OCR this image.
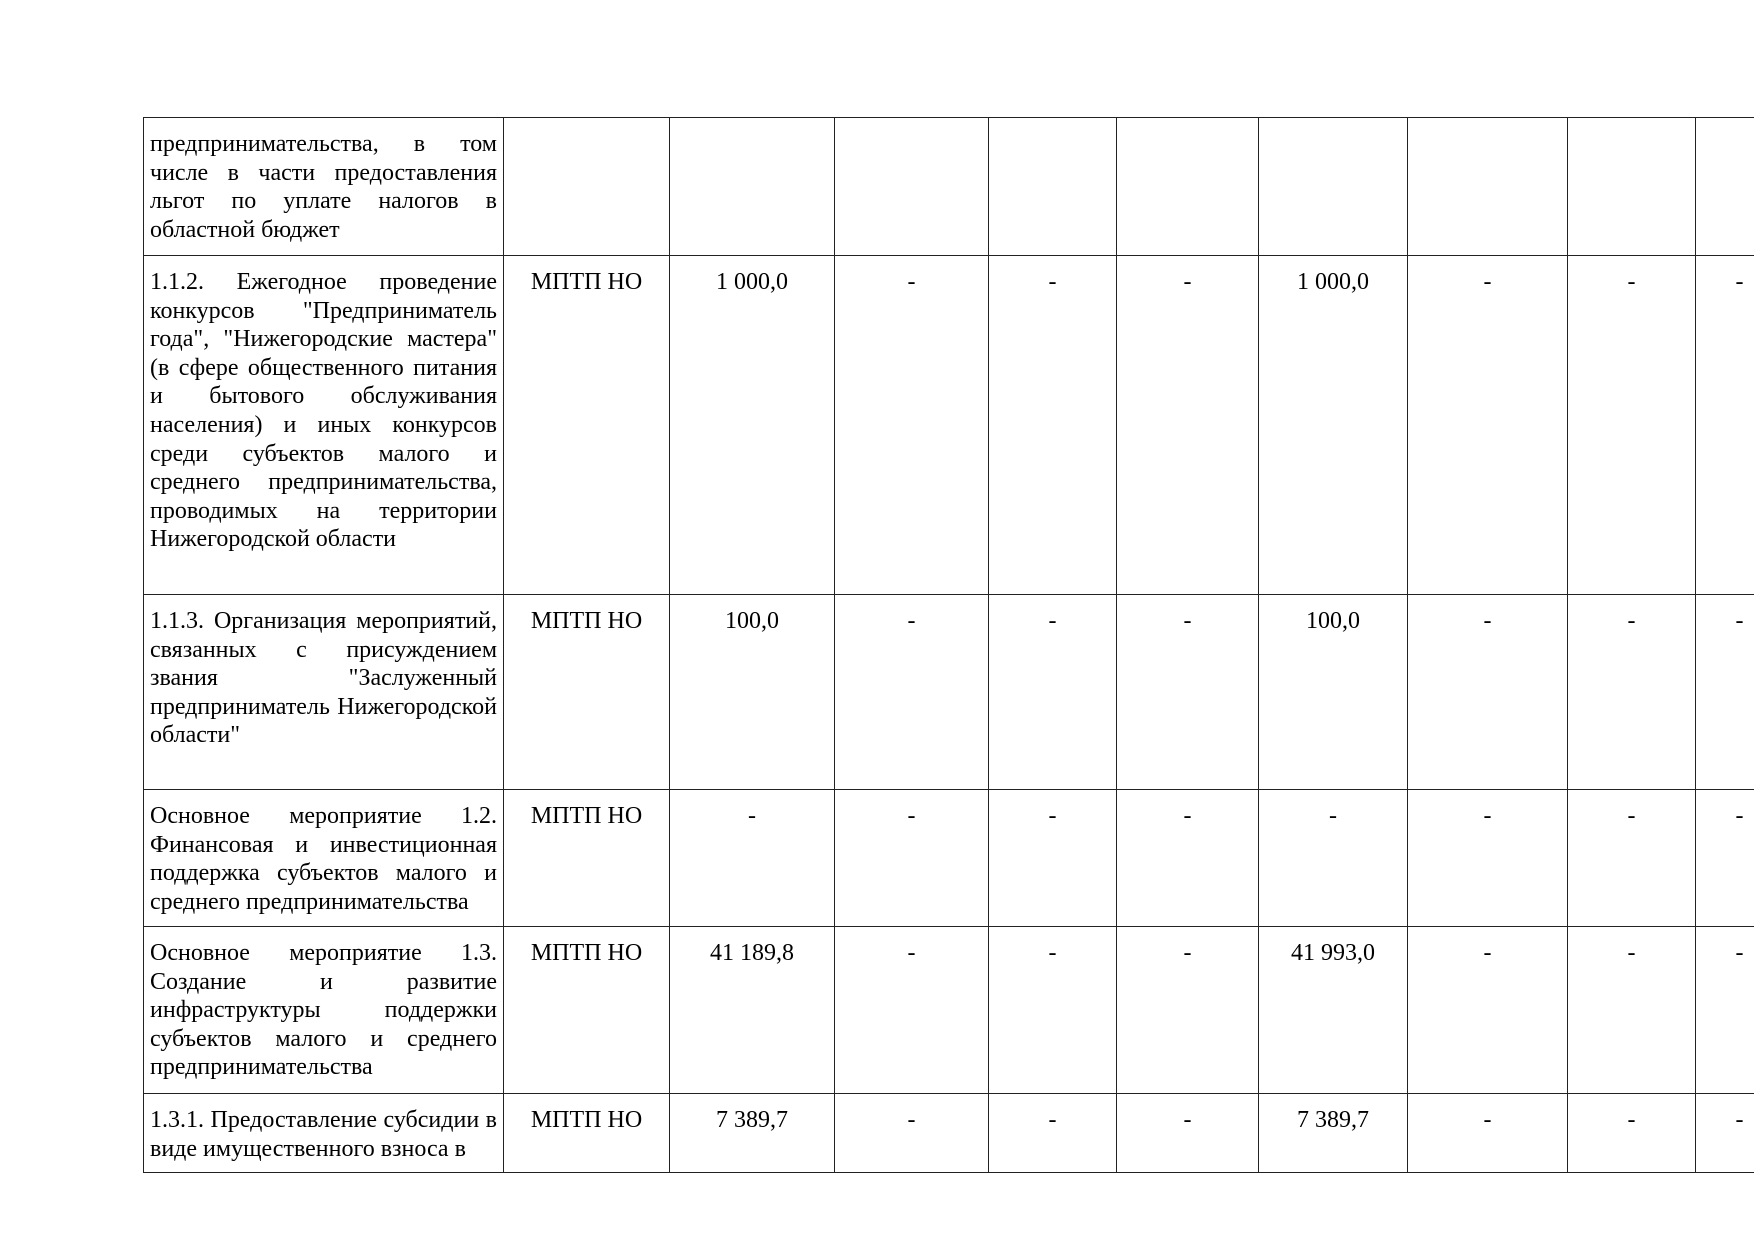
предпринимательства, в том числе в части предоставления льгот по уплате налогов в областной бюджет									
1.1.2. Ежегодное проведение конкурсов "Предприниматель года", "Нижегородские мастера" (в сфере общественного питания и бытового обслуживания населения) и иных конкурсов среди субъектов малого и среднего предпринимательства, проводимых на территории Нижегородской области	МПТП НО	1 000,0	-	-	-	1 000,0	-	-	-
1.1.3. Организация мероприятий, связанных с присуждением звания "Заслуженный предприниматель Нижегородской области"	МПТП НО	100,0	-	-	-	100,0	-	-	-
Основное мероприятие 1.2. Финансовая и инвестиционная поддержка субъектов малого и среднего предпринимательства	МПТП НО	-	-	-	-	-	-	-	-
Основное мероприятие 1.3. Создание и развитие инфраструктуры поддержки субъектов малого и среднего предпринимательства	МПТП НО	41 189,8	-	-	-	41 993,0	-	-	-
1.3.1. Предоставление субсидии в виде имущественного взноса в	МПТП НО	7 389,7	-	-	-	7 389,7	-	-	-
